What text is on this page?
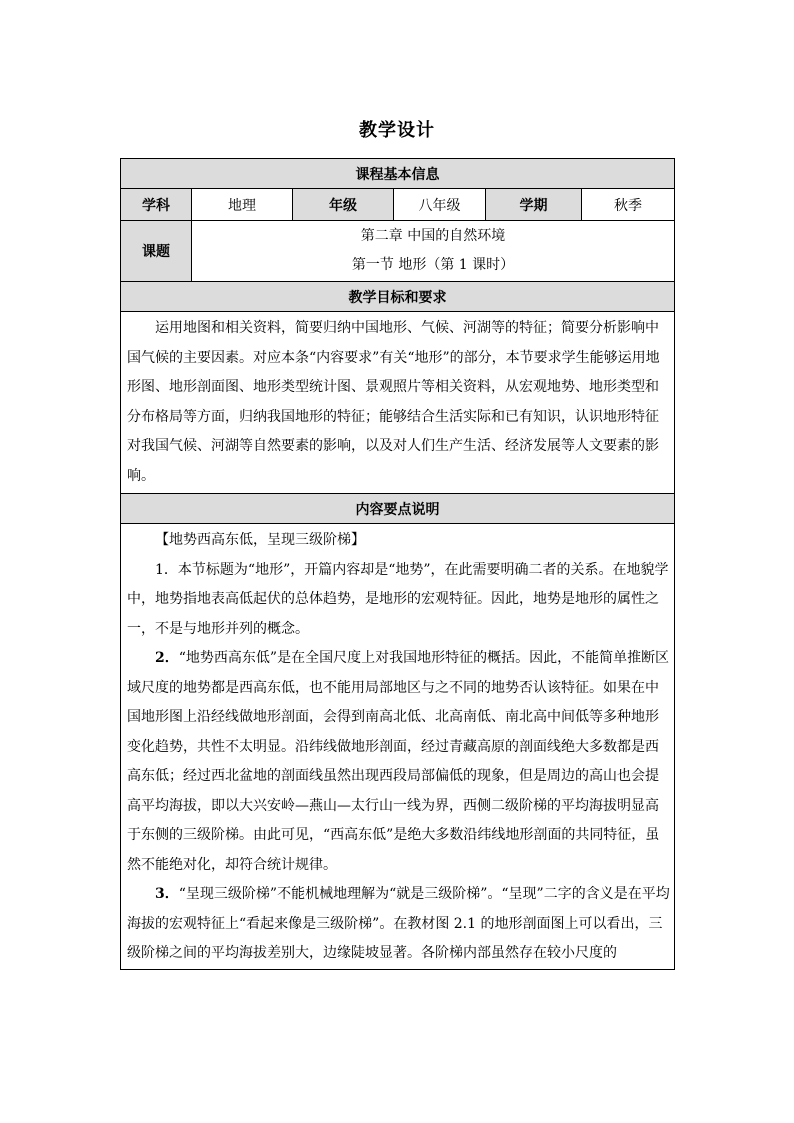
教学设计
课程基本信息					
学科	地理	年级	八年级	学期	秋季
课题	第二章 中国的自然环境
第一节 地形（第 1 课时）				

教学目标和要求					
运用地图和相关资料，简要归纳中国地形、气候、河湖等的特征；简要分析影响中国气候的主要因素。对应本条“内容要求”有关“地形”的部分，本节要求学生能够运用地形图、地形剖面图、地形类型统计图、景观照片等相关资料，从宏观地势、地形类型和分布格局等方面，归纳我国地形的特征；能够结合生活实际和已有知识，认识地形特征对我国气候、河湖等自然要素的影响，以及对人们生产生活、经济发展等人文要素的影响。					
内容要点说明					

【地势西高东低，呈现三级阶梯】

1．本节标题为“地形”，开篇内容却是“地势”，在此需要明确二者的关系。在地貌学中，地势指地表高低起伏的总体趋势，是地形的宏观特征。因此，地势是地形的属性之一，不是与地形并列的概念。

2．“地势西高东低”是在全国尺度上对我国地形特征的概括。因此，不能简单推断区域尺度的地势都是西高东低，也不能用局部地区与之不同的地势否认该特征。如果在中国地形图上沿经线做地形剖面，会得到南高北低、北高南低、南北高中间低等多种地形变化趋势，共性不太明显。沿纬线做地形剖面，经过青藏高原的剖面线绝大多数都是西高东低；经过西北盆地的剖面线虽然出现西段局部偏低的现象，但是周边的高山也会提高平均海拔，即以大兴安岭—燕山—太行山一线为界，西侧二级阶梯的平均海拔明显高于东侧的三级阶梯。由此可见，“西高东低”是绝大多数沿纬线地形剖面的共同特征，虽然不能绝对化，却符合统计规律。

3．“呈现三级阶梯”不能机械地理解为“就是三级阶梯”。“呈现”二字的含义是在平均海拔的宏观特征上“看起来像是三级阶梯”。在教材图 2.1 的地形剖面图上可以看出，三级阶梯之间的平均海拔差别大，边缘陡坡显著。各阶梯内部虽然存在较小尺度的					
